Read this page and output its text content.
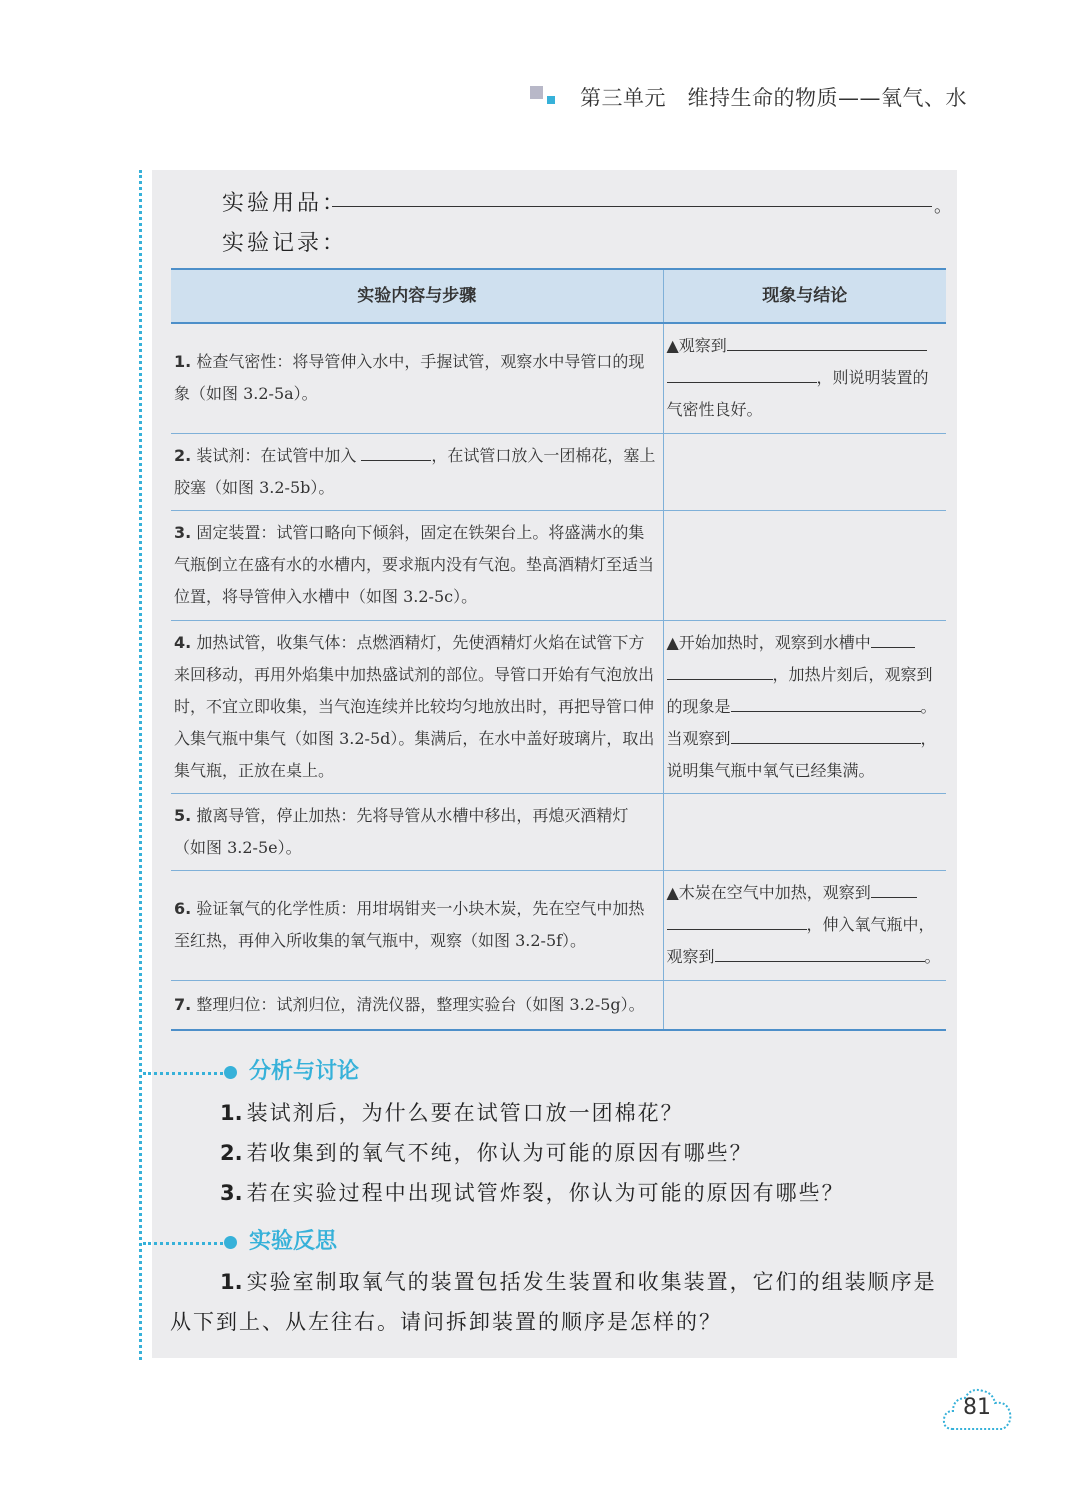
第三单元　维持生命的物质——氧气、水
实验用品：	。
实验记录：
实验内容与步骤	现象与结论
1. 检查气密性：将导管伸入水中，手握试管，观察水中导管口的现象（如图 3.2-5a）。	▲观察到
，则说明装置的
气密性良好。
2. 装试剂：在试管中加入 ，在试管口放入一团棉花，塞上胶塞（如图 3.2-5b）。	
3. 固定装置：试管口略向下倾斜，固定在铁架台上。将盛满水的集气瓶倒立在盛有水的水槽内，要求瓶内没有气泡。垫高酒精灯至适当位置，将导管伸入水槽中（如图 3.2-5c）。	
4. 加热试管，收集气体：点燃酒精灯，先使酒精灯火焰在试管下方来回移动，再用外焰集中加热盛试剂的部位。导管口开始有气泡放出时，不宜立即收集，当气泡连续并比较均匀地放出时，再把导管口伸入集气瓶中集气（如图 3.2-5d）。集满后，在水中盖好玻璃片，取出集气瓶，正放在桌上。	▲开始加热时，观察到水槽中
，加热片刻后，观察到
的现象是 。
当观察到 ，
说明集气瓶中氧气已经集满。
5. 撤离导管，停止加热：先将导管从水槽中移出，再熄灭酒精灯（如图 3.2-5e）。	
6. 验证氧气的化学性质：用坩埚钳夹一小块木炭，先在空气中加热至红热，再伸入所收集的氧气瓶中，观察（如图 3.2-5f）。	▲木炭在空气中加热，观察到
，伸入氧气瓶中，
观察到 。
7. 整理归位：试剂归位，清洗仪器，整理实验台（如图 3.2-5g）。	
分析与讨论
1. 装试剂后，为什么要在试管口放一团棉花？
2. 若收集到的氧气不纯，你认为可能的原因有哪些？
3. 若在实验过程中出现试管炸裂，你认为可能的原因有哪些？
实验反思
1. 实验室制取氧气的装置包括发生装置和收集装置，它们的组装顺序是从下到上、从左往右。请问拆卸装置的顺序是怎样的？
81
